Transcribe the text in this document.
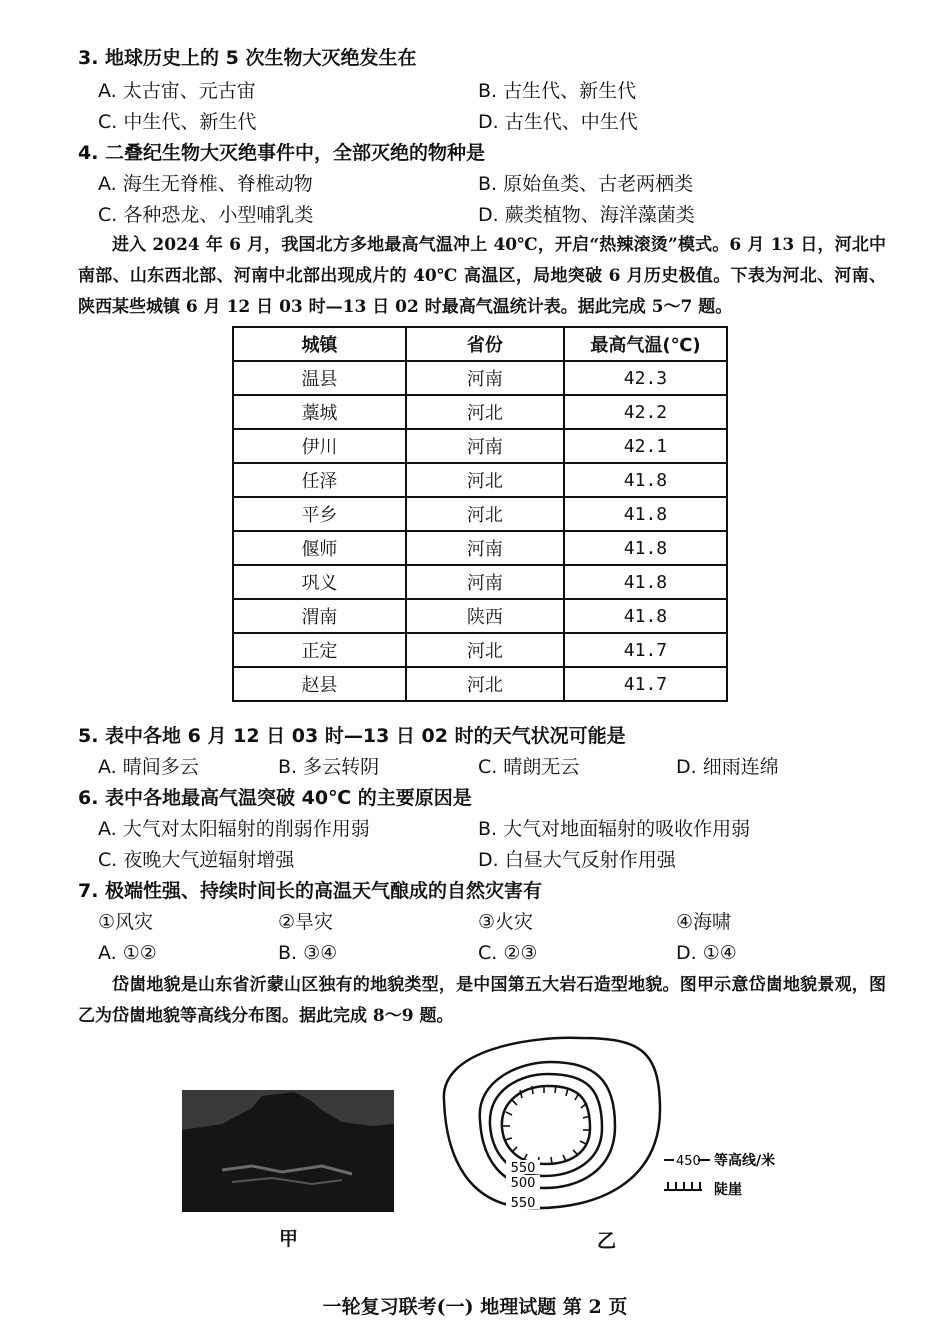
3. 地球历史上的 5 次生物大灭绝发生在
A. 太古宙、元古宙	B. 古生代、新生代
C. 中生代、新生代	D. 古生代、中生代
4. 二叠纪生物大灭绝事件中，全部灭绝的物种是
A. 海生无脊椎、脊椎动物	B. 原始鱼类、古老两栖类
C. 各种恐龙、小型哺乳类	D. 蕨类植物、海洋藻菌类
进入 2024 年 6 月，我国北方多地最高气温冲上 40℃，开启“热辣滚烫”模式。6 月 13 日，河北中南部、山东西北部、河南中北部出现成片的 40℃ 高温区，局地突破 6 月历史极值。下表为河北、河南、陕西某些城镇 6 月 12 日 03 时—13 日 02 时最高气温统计表。据此完成 5～7 题。
城镇	省份	最高气温(℃)
温县	河南	42.3
藁城	河北	42.2
伊川	河南	42.1
任泽	河北	41.8
平乡	河北	41.8
偃师	河南	41.8
巩义	河南	41.8
渭南	陕西	41.8
正定	河北	41.7
赵县	河北	41.7
5. 表中各地 6 月 12 日 03 时—13 日 02 时的天气状况可能是
A. 晴间多云	B. 多云转阴	C. 晴朗无云	D. 细雨连绵
6. 表中各地最高气温突破 40℃ 的主要原因是
A. 大气对太阳辐射的削弱作用弱	B. 大气对地面辐射的吸收作用弱
C. 夜晚大气逆辐射增强	D. 白昼大气反射作用强
7. 极端性强、持续时间长的高温天气酿成的自然灾害有
①风灾	②旱灾	③火灾	④海啸
A. ①②	B. ③④	C. ②③	D. ①④
岱崮地貌是山东省沂蒙山区独有的地貌类型，是中国第五大岩石造型地貌。图甲示意岱崮地貌景观，图乙为岱崮地貌等高线分布图。据此完成 8～9 题。
甲
550
500
550
450 等高线/米
陡崖
乙
一轮复习联考(一) 地理试题 第 2 页
